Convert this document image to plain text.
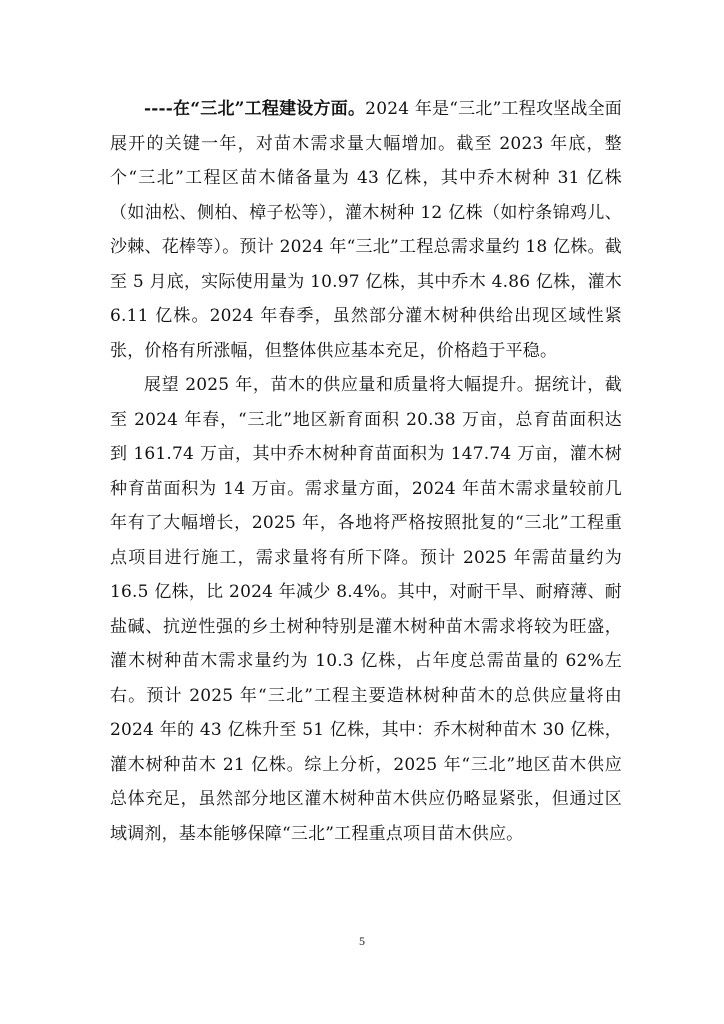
----在“三北”工程建设方面。2024 年是“三北”工程攻坚战全面展开的关键一年，对苗木需求量大幅增加。截至 2023 年底，整个“三北”工程区苗木储备量为 43 亿株，其中乔木树种 31 亿株（如油松、侧柏、樟子松等），灌木树种 12 亿株（如柠条锦鸡儿、沙棘、花棒等）。预计 2024 年“三北”工程总需求量约 18 亿株。截至 5 月底，实际使用量为 10.97 亿株，其中乔木 4.86 亿株，灌木 6.11 亿株。2024 年春季，虽然部分灌木树种供给出现区域性紧张，价格有所涨幅，但整体供应基本充足，价格趋于平稳。

展望 2025 年，苗木的供应量和质量将大幅提升。据统计，截至 2024 年春，“三北”地区新育面积 20.38 万亩，总育苗面积达到 161.74 万亩，其中乔木树种育苗面积为 147.74 万亩，灌木树种育苗面积为 14 万亩。需求量方面，2024 年苗木需求量较前几年有了大幅增长，2025 年，各地将严格按照批复的“三北”工程重点项目进行施工，需求量将有所下降。预计 2025 年需苗量约为 16.5 亿株，比 2024 年减少 8.4%。其中，对耐干旱、耐瘠薄、耐盐碱、抗逆性强的乡土树种特别是灌木树种苗木需求将较为旺盛，灌木树种苗木需求量约为 10.3 亿株，占年度总需苗量的 62%左右。预计 2025 年“三北”工程主要造林树种苗木的总供应量将由 2024 年的 43 亿株升至 51 亿株，其中：乔木树种苗木 30 亿株，灌木树种苗木 21 亿株。综上分析，2025 年“三北”地区苗木供应总体充足，虽然部分地区灌木树种苗木供应仍略显紧张，但通过区域调剂，基本能够保障“三北”工程重点项目苗木供应。

5
